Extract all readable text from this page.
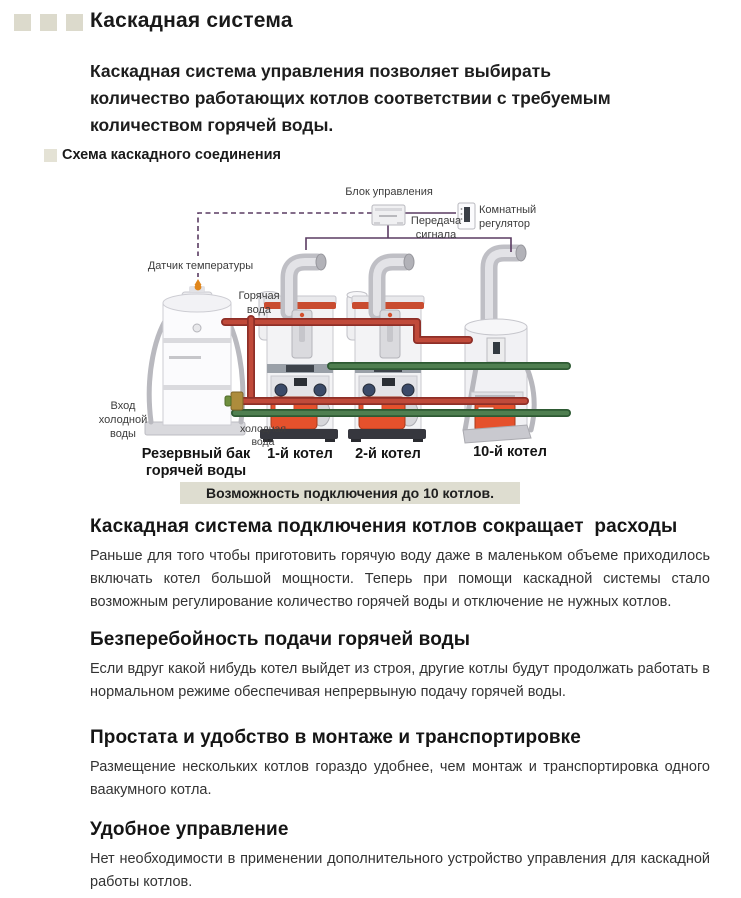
Каскадная система
Каскадная система управления позволяет выбирать количество работающих котлов соответствии с требуемым количеством горячей воды.
Схема каскадного соединения
Блок управления
Передача сигнала
Комнатный регулятор
Датчик температуры
Горячая вода
Вход холодной воды	холодная вода
Резервный бак горячей воды
1-й котел	2-й котел	10-й котел
Возможность подключения до 10 котлов.
Каскадная система подключения котлов сокращает  расходы
Раньше для того чтобы приготовить горячую воду даже в маленьком объеме приходилось включать котел большой мощности. Теперь при помощи каскадной системы стало возможным регулирование количество горячей воды и отключение не нужных котлов.
Безперебойность подачи горячей воды
Если вдруг какой нибудь котел выйдет из строя, другие котлы будут продолжать работать в нормальном режиме обеспечивая непрервыную подачу горячей воды.
Простата и удобство в монтаже и транспортировке
Размещение нескольких котлов гораздо удобнее, чем монтаж и транспортировка одного ваакумного котла.
Удобное управление
Нет необходимости в применении дополнительного устройство управления для каскадной работы котлов.
